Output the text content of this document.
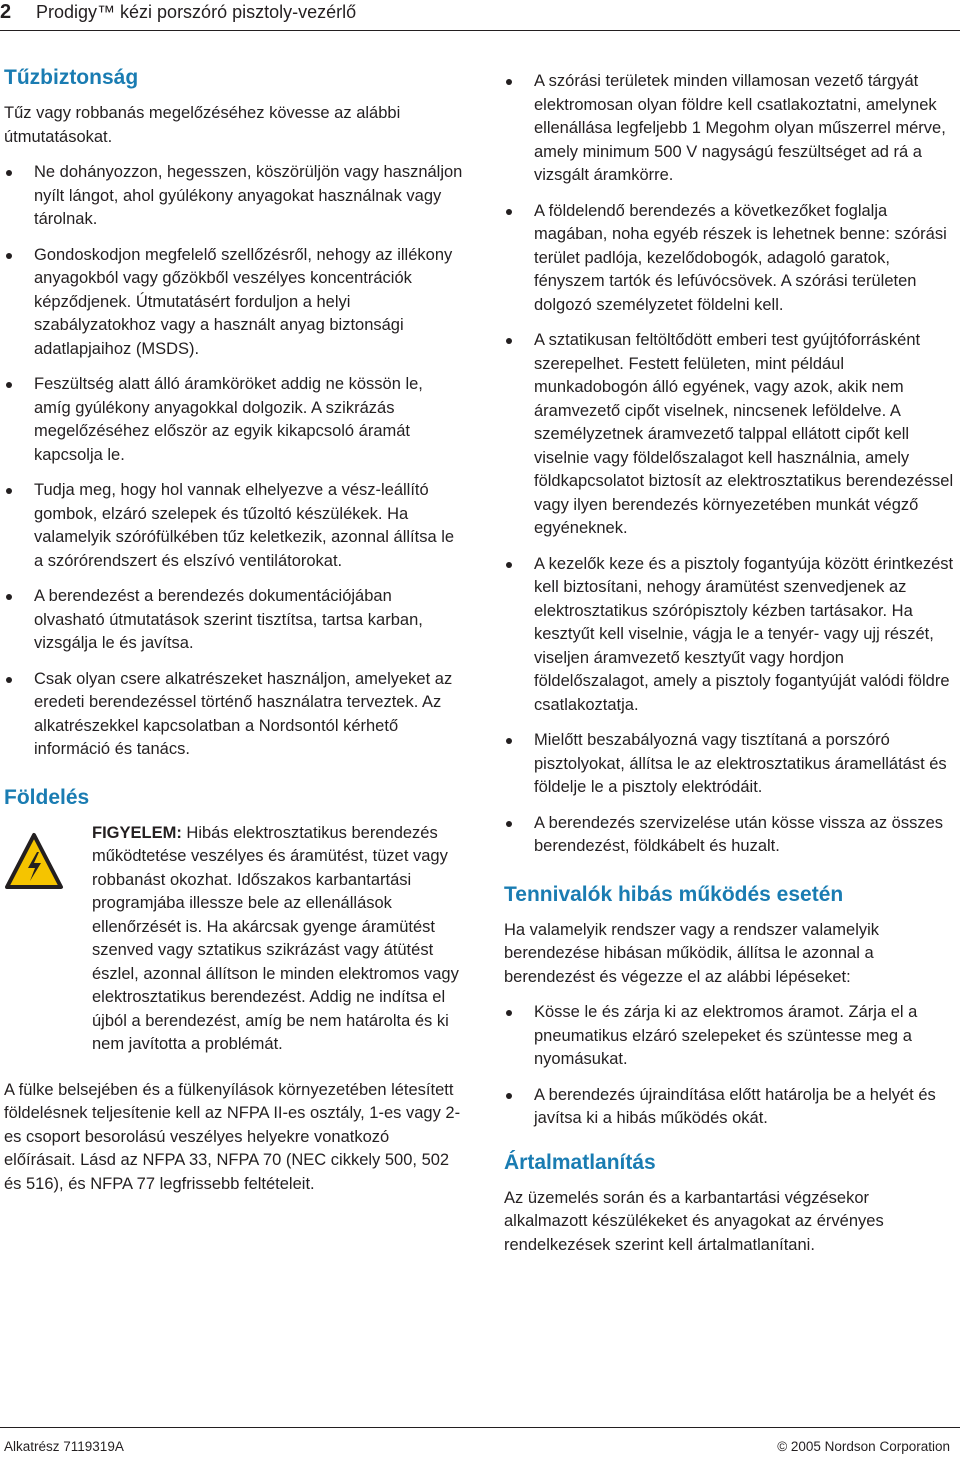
2 Prodigy™ kézi porszóró pisztoly-vezérlő
Tűzbiztonság

Tűz vagy robbanás megelőzéséhez kövesse az alábbi útmutatásokat.

Ne dohányozzon, hegesszen, köszörüljön vagy használjon nyílt lángot, ahol gyúlékony anyagokat használnak vagy tárolnak.
Gondoskodjon megfelelő szellőzésről, nehogy az illékony anyagokból vagy gőzökből veszélyes koncentrációk képződjenek. Útmutatásért forduljon a helyi szabályzatokhoz vagy a használt anyag biztonsági adatlapjaihoz (MSDS).
Feszültség alatt álló áramköröket addig ne kössön le, amíg gyúlékony anyagokkal dolgozik. A szikrázás megelőzéséhez először az egyik kikapcsoló áramát kapcsolja le.
Tudja meg, hogy hol vannak elhelyezve a vész-leállító gombok, elzáró szelepek és tűzoltó készülékek. Ha valamelyik szórófülkében tűz keletkezik, azonnal állítsa le a szórórendszert és elszívó ventilátorokat.
A berendezést a berendezés dokumentációjában olvasható útmutatások szerint tisztítsa, tartsa karban, vizsgálja le és javítsa.
Csak olyan csere alkatrészeket használjon, amelyeket az eredeti berendezéssel történő használatra terveztek. Az alkatrészekkel kapcsolatban a Nordsontól kérhető információ és tanács.
Földelés
FIGYELEM: Hibás elektrosztatikus berendezés működtetése veszélyes és áramütést, tüzet vagy robbanást okozhat. Időszakos karbantartási programjába illessze bele az ellenállások ellenőrzését is. Ha akárcsak gyenge áramütést szenved vagy sztatikus szikrázást vagy átütést észlel, azonnal állítson le minden elektromos vagy elektrosztatikus berendezést. Addig ne indítsa el újból a berendezést, amíg be nem határolta és ki nem javította a problémát.

A fülke belsejében és a fülkenyílások környezetében létesített földelésnek teljesítenie kell az NFPA II-es osztály, 1-es vagy 2-es csoport besorolású veszélyes helyekre vonatkozó előírásait. Lásd az NFPA 33, NFPA 70 (NEC cikkely 500, 502 és 516), és NFPA 77 legfrissebb feltételeit.

A szórási területek minden villamosan vezető tárgyát elektromosan olyan földre kell csatlakoztatni, amelynek ellenállása legfeljebb 1 Megohm olyan műszerrel mérve, amely minimum 500 V nagyságú feszültséget ad rá a vizsgált áramkörre.
A földelendő berendezés a következőket foglalja magában, noha egyéb részek is lehetnek benne: szórási terület padlója, kezelődobogók, adagoló garatok, fényszem tartók és lefúvócsövek. A szórási területen dolgozó személyzetet földelni kell.
A sztatikusan feltöltődött emberi test gyújtóforrásként szerepelhet. Festett felületen, mint például munkadobogón álló egyének, vagy azok, akik nem áramvezető cipőt viselnek, nincsenek leföldelve. A személyzetnek áramvezető talppal ellátott cipőt kell viselnie vagy földelőszalagot kell használnia, amely földkapcsolatot biztosít az elektrosztatikus berendezéssel vagy ilyen berendezés környezetében munkát végző egyéneknek.
A kezelők keze és a pisztoly fogantyúja között érintkezést kell biztosítani, nehogy áramütést szenvedjenek az elektrosztatikus szórópisztoly kézben tartásakor. Ha kesztyűt kell viselnie, vágja le a tenyér- vagy ujj részét, viseljen áramvezető kesztyűt vagy hordjon földelőszalagot, amely a pisztoly fogantyúját valódi földre csatlakoztatja.
Mielőtt beszabályozná vagy tisztítaná a porszóró pisztolyokat, állítsa le az elektrosztatikus áramellátást és földelje le a pisztoly elektródáit.
A berendezés szervizelése után kösse vissza az összes berendezést, földkábelt és huzalt.
Tennivalók hibás működés esetén

Ha valamelyik rendszer vagy a rendszer valamelyik berendezése hibásan működik, állítsa le azonnal a berendezést és végezze el az alábbi lépéseket:

Kösse le és zárja ki az elektromos áramot. Zárja el a pneumatikus elzáró szelepeket és szüntesse meg a nyomásukat.
A berendezés újraindítása előtt határolja be a helyét és javítsa ki a hibás működés okát.
Ártalmatlanítás

Az üzemelés során és a karbantartási végzésekor alkalmazott készülékeket és anyagokat az érvényes rendelkezések szerint kell ártalmatlanítani.

Alkatrész 7119319A	© 2005 Nordson Corporation
